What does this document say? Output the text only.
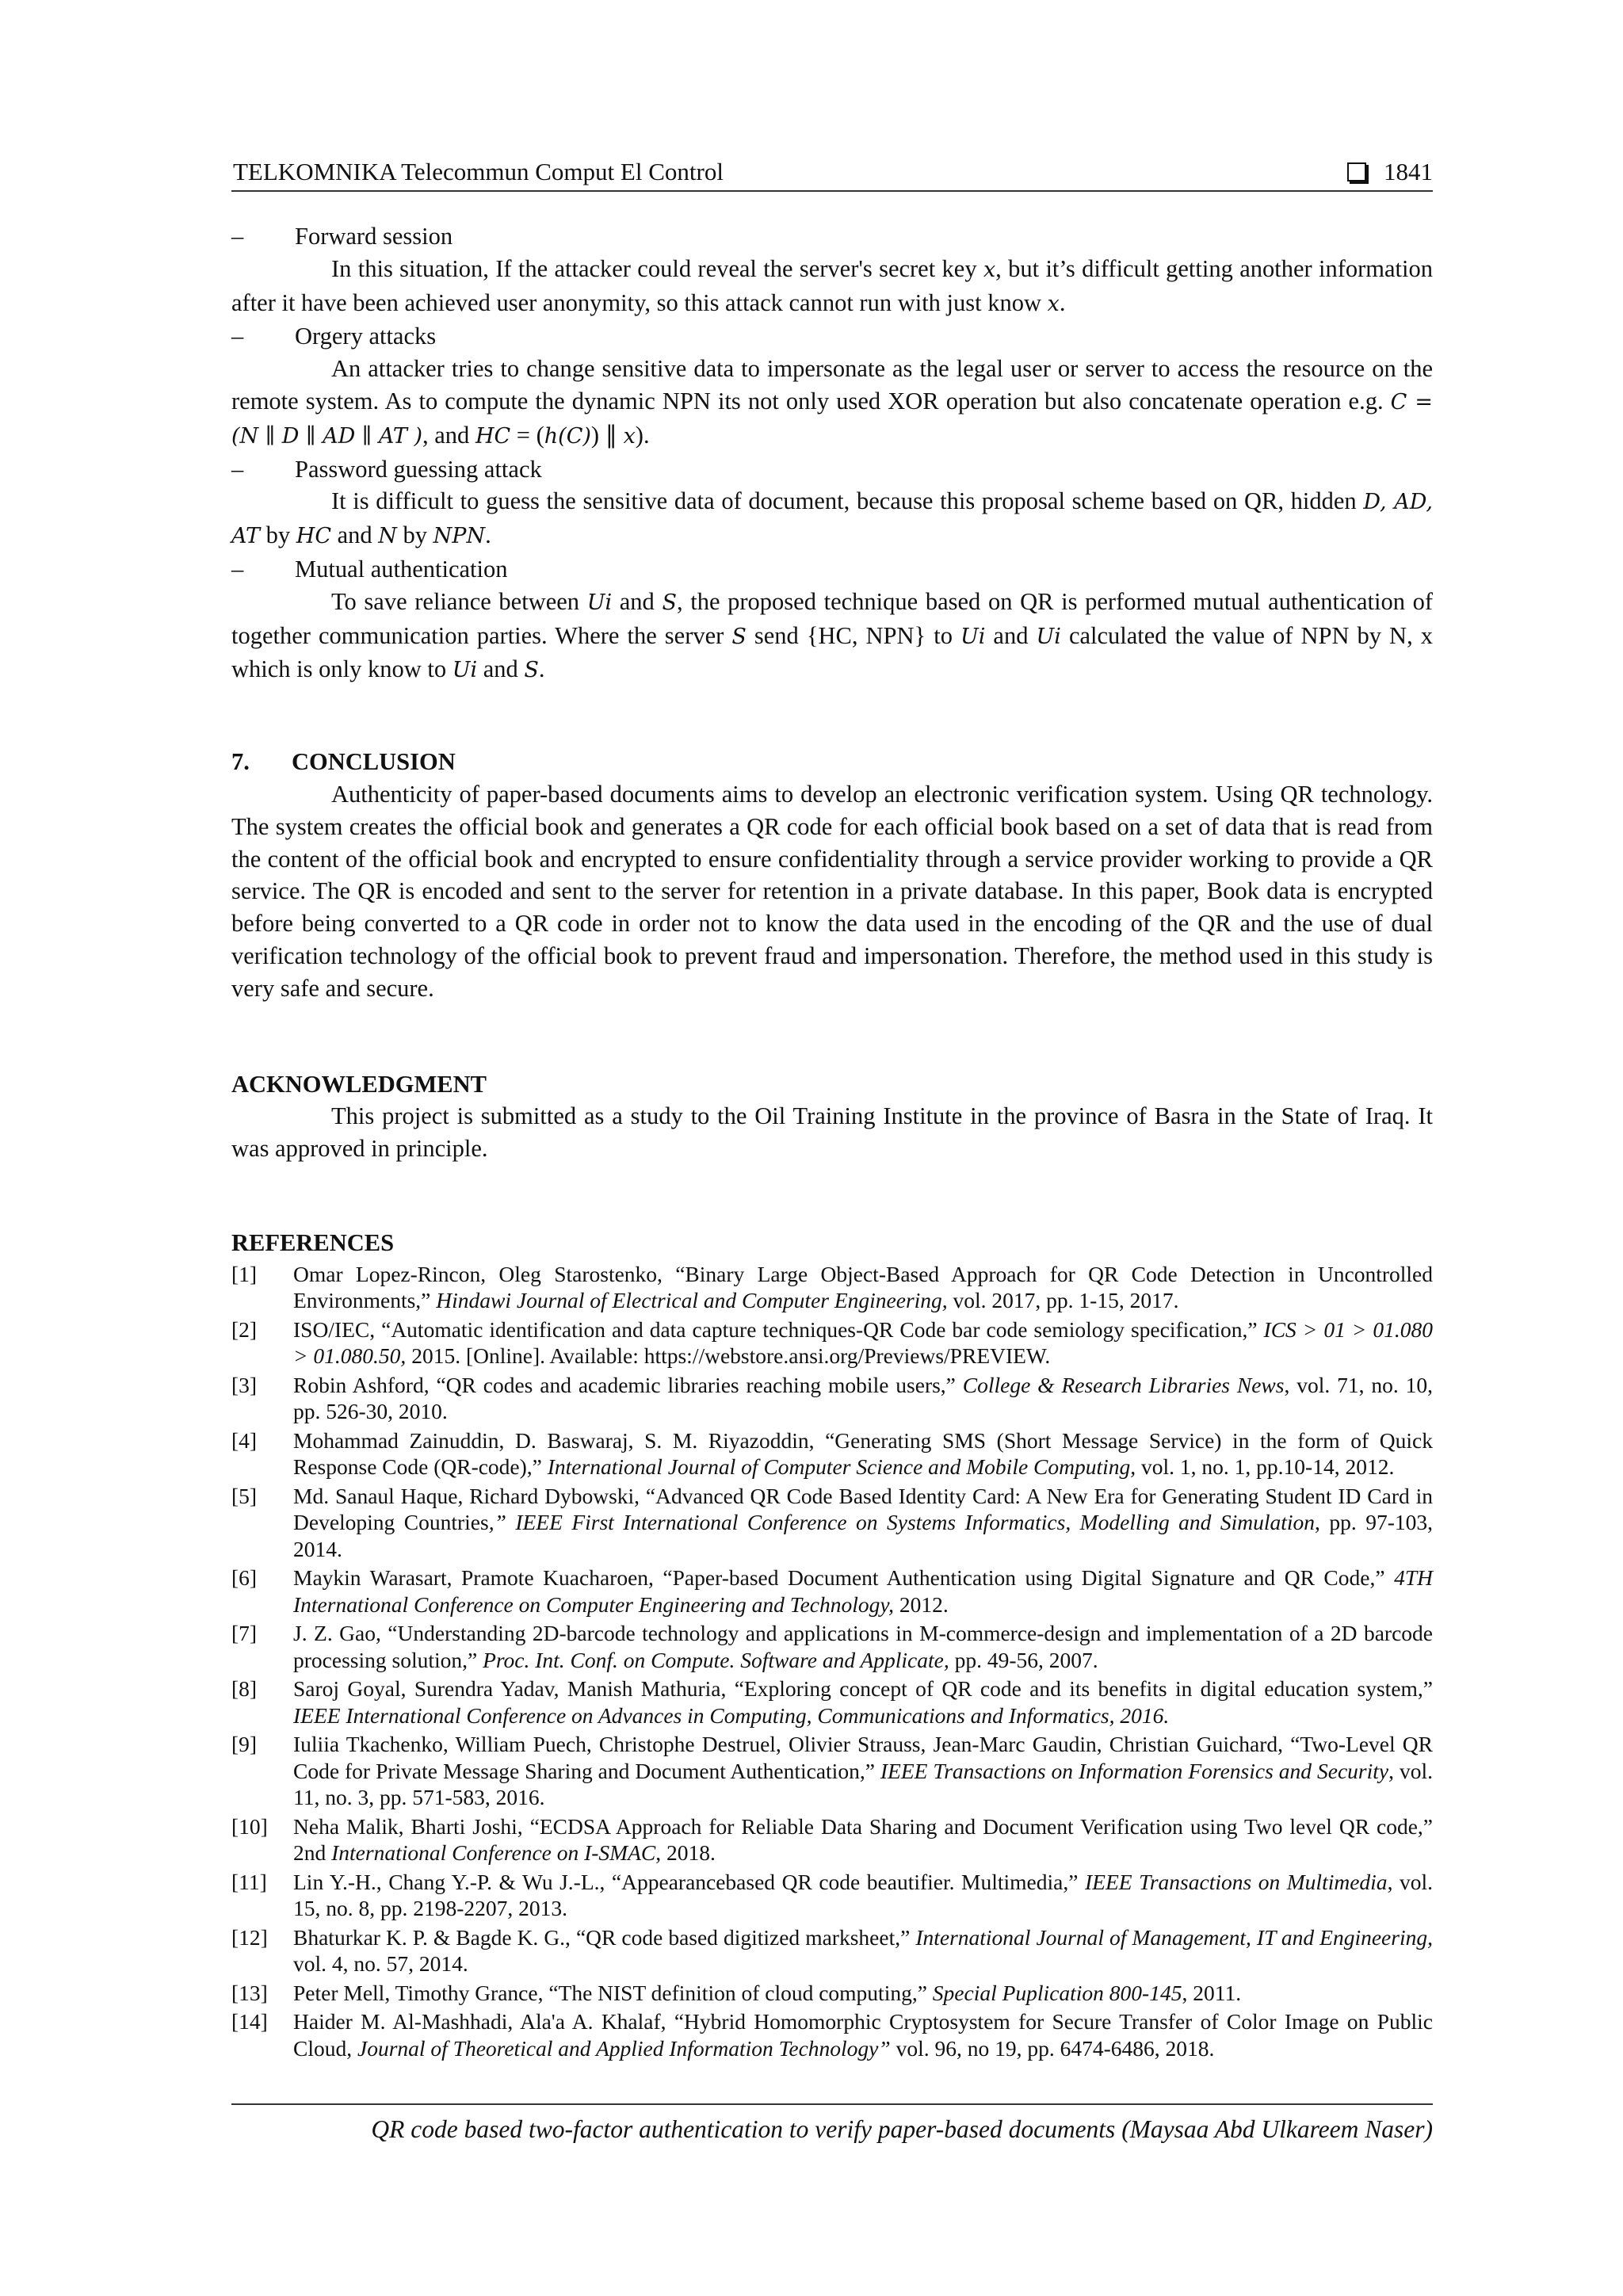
TELKOMNIKA Telecommun Comput El Control	1841
–	Forward session

In this situation, If the attacker could reveal the server's secret key x, but it’s difficult getting another information after it have been achieved user anonymity, so this attack cannot run with just know x.

–	Orgery attacks

An attacker tries to change sensitive data to impersonate as the legal user or server to access the resource on the remote system. As to compute the dynamic NPN its not only used XOR operation but also concatenate operation e.g. C = (N ∥ D ∥ AD ∥ AT ), and HC = (h(C)) ∥ x).

–	Password guessing attack

It is difficult to guess the sensitive data of document, because this proposal scheme based on QR, hidden D, AD, AT by HC and N by NPN.

–	Mutual authentication

To save reliance between Ui and S, the proposed technique based on QR is performed mutual authentication of together communication parties. Where the server S send {HC, NPN} to Ui and Ui calculated the value of NPN by N, x which is only know to Ui and S.

7.	CONCLUSION

Authenticity of paper-based documents aims to develop an electronic verification system. Using QR technology. The system creates the official book and generates a QR code for each official book based on a set of data that is read from the content of the official book and encrypted to ensure confidentiality through a service provider working to provide a QR service. The QR is encoded and sent to the server for retention in a private database. In this paper, Book data is encrypted before being converted to a QR code in order not to know the data used in the encoding of the QR and the use of dual verification technology of the official book to prevent fraud and impersonation. Therefore, the method used in this study is very safe and secure.

ACKNOWLEDGMENT

This project is submitted as a study to the Oil Training Institute in the province of Basra in the State of Iraq. It was approved in principle.

REFERENCES
[1]	Omar Lopez-Rincon, Oleg Starostenko, “Binary Large Object-Based Approach for QR Code Detection in Uncontrolled Environments,” Hindawi Journal of Electrical and Computer Engineering, vol. 2017, pp. 1-15, 2017.
[2]	ISO/IEC, “Automatic identification and data capture techniques-QR Code bar code semiology specification,” ICS > 01 > 01.080 > 01.080.50, 2015. [Online]. Available: https://webstore.ansi.org/Previews/PREVIEW.
[3]	Robin Ashford, “QR codes and academic libraries reaching mobile users,” College & Research Libraries News, vol. 71, no. 10, pp. 526-30, 2010.
[4]	Mohammad Zainuddin, D. Baswaraj, S. M. Riyazoddin, “Generating SMS (Short Message Service) in the form of Quick Response Code (QR-code),” International Journal of Computer Science and Mobile Computing, vol. 1, no. 1, pp.10-14, 2012.
[5]	Md. Sanaul Haque, Richard Dybowski, “Advanced QR Code Based Identity Card: A New Era for Generating Student ID Card in Developing Countries,” IEEE First International Conference on Systems Informatics, Modelling and Simulation, pp. 97-103, 2014.
[6]	Maykin Warasart, Pramote Kuacharoen, “Paper-based Document Authentication using Digital Signature and QR Code,” 4TH International Conference on Computer Engineering and Technology, 2012.
[7]	J. Z. Gao, “Understanding 2D-barcode technology and applications in M-commerce-design and implementation of a 2D barcode processing solution,” Proc. Int. Conf. on Compute. Software and Applicate, pp. 49-56, 2007.
[8]	Saroj Goyal, Surendra Yadav, Manish Mathuria, “Exploring concept of QR code and its benefits in digital education system,” IEEE International Conference on Advances in Computing, Communications and Informatics, 2016.
[9]	Iuliia Tkachenko, William Puech, Christophe Destruel, Olivier Strauss, Jean-Marc Gaudin, Christian Guichard, “Two-Level QR Code for Private Message Sharing and Document Authentication,” IEEE Transactions on Information Forensics and Security, vol. 11, no. 3, pp. 571-583, 2016.
[10]	Neha Malik, Bharti Joshi, “ECDSA Approach for Reliable Data Sharing and Document Verification using Two level QR code,” 2nd International Conference on I-SMAC, 2018.
[11]	Lin Y.-H., Chang Y.-P. & Wu J.-L., “Appearancebased QR code beautifier. Multimedia,” IEEE Transactions on Multimedia, vol. 15, no. 8, pp. 2198-2207, 2013.
[12]	Bhaturkar K. P. & Bagde K. G., “QR code based digitized marksheet,” International Journal of Management, IT and Engineering, vol. 4, no. 57, 2014.
[13]	Peter Mell, Timothy Grance, “The NIST definition of cloud computing,” Special Puplication 800-145, 2011.
[14]	Haider M. Al-Mashhadi, Ala'a A. Khalaf, “Hybrid Homomorphic Cryptosystem for Secure Transfer of Color Image on Public Cloud, Journal of Theoretical and Applied Information Technology” vol. 96, no 19, pp. 6474-6486, 2018.
QR code based two-factor authentication to verify paper-based documents (Maysaa Abd Ulkareem Naser)
